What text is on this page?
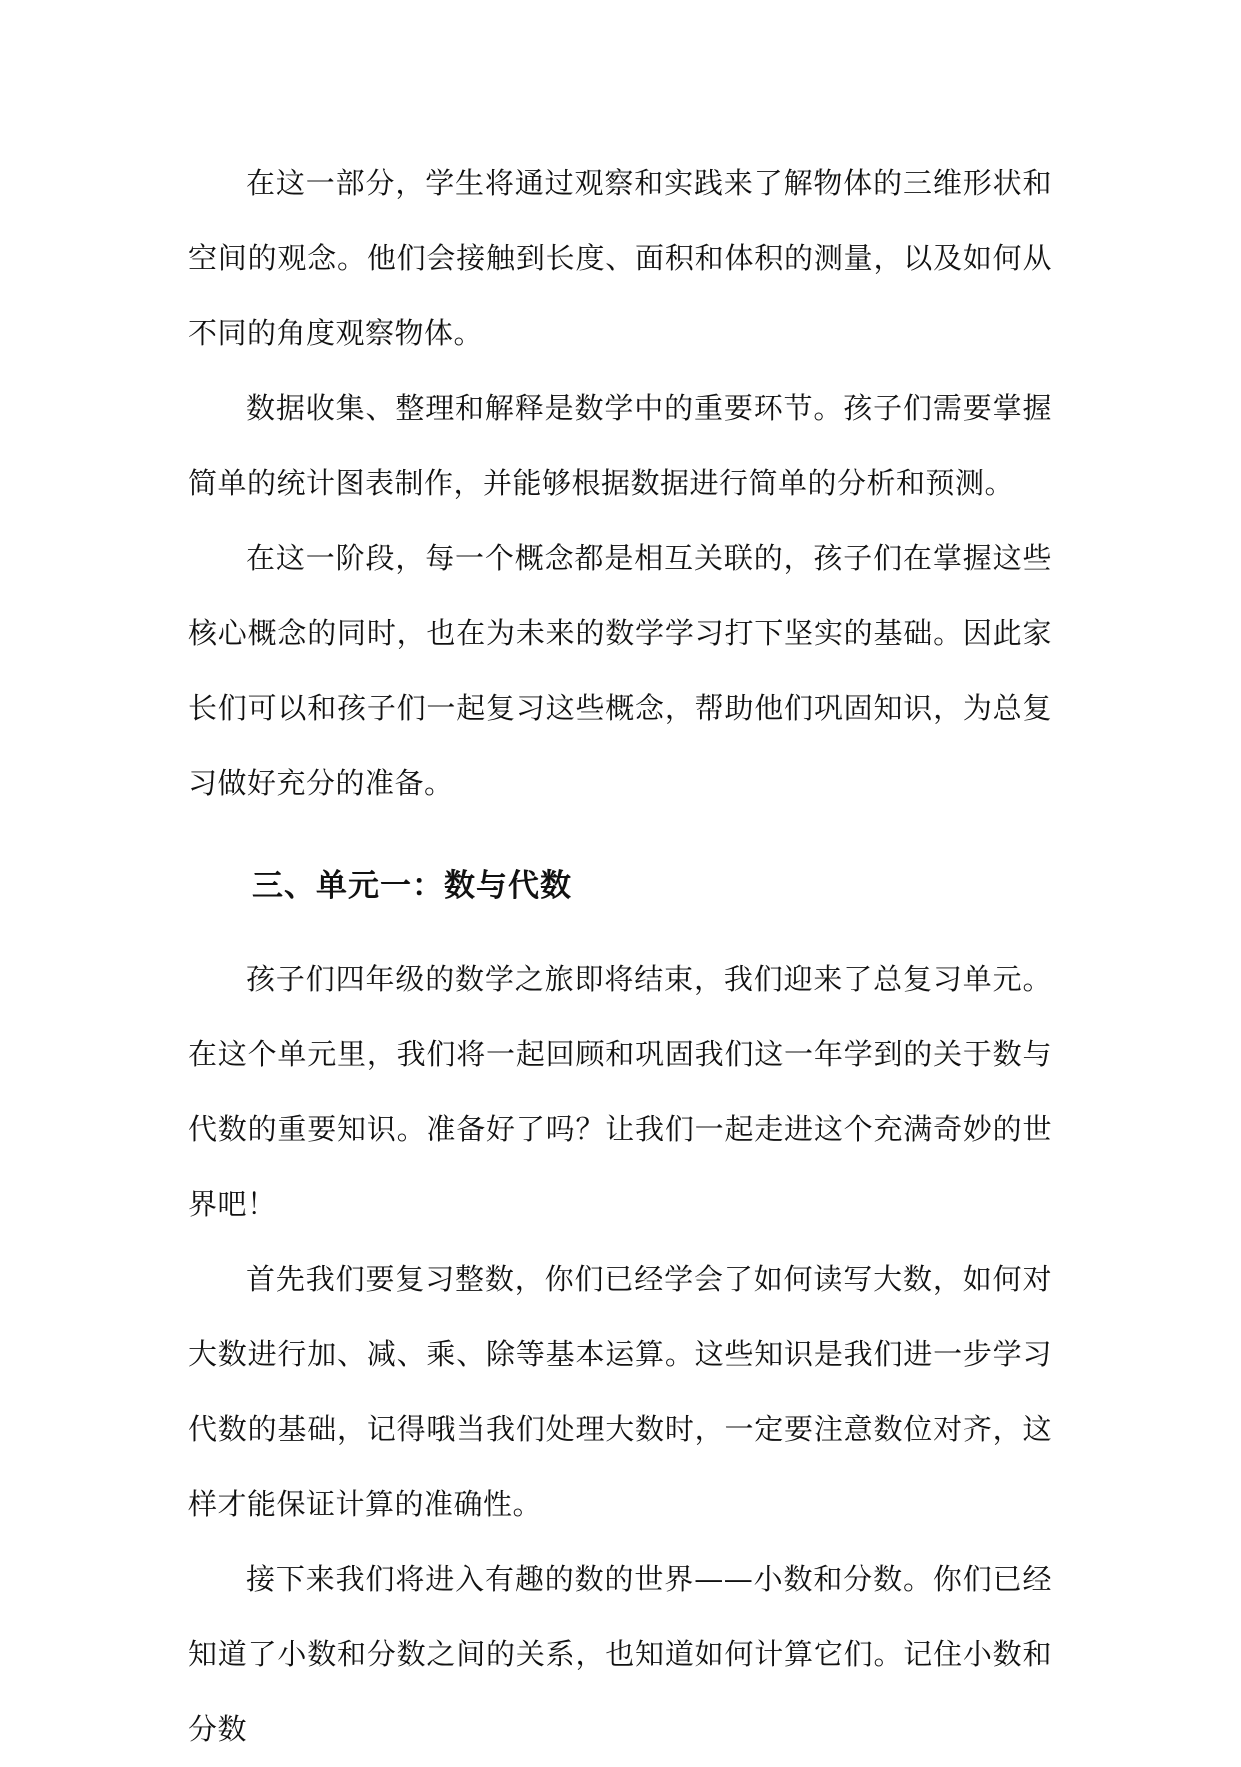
在这一部分，学生将通过观察和实践来了解物体的三维形状和空间的观念。他们会接触到长度、面积和体积的测量，以及如何从不同的角度观察物体。

数据收集、整理和解释是数学中的重要环节。孩子们需要掌握简单的统计图表制作，并能够根据数据进行简单的分析和预测。

在这一阶段，每一个概念都是相互关联的，孩子们在掌握这些核心概念的同时，也在为未来的数学学习打下坚实的基础。因此家长们可以和孩子们一起复习这些概念，帮助他们巩固知识，为总复习做好充分的准备。

三、单元一：数与代数

孩子们四年级的数学之旅即将结束，我们迎来了总复习单元。在这个单元里，我们将一起回顾和巩固我们这一年学到的关于数与代数的重要知识。准备好了吗？让我们一起走进这个充满奇妙的世界吧！

首先我们要复习整数，你们已经学会了如何读写大数，如何对大数进行加、减、乘、除等基本运算。这些知识是我们进一步学习代数的基础，记得哦当我们处理大数时，一定要注意数位对齐，这样才能保证计算的准确性。

接下来我们将进入有趣的数的世界——小数和分数。你们已经知道了小数和分数之间的关系，也知道如何计算它们。记住小数和分数
